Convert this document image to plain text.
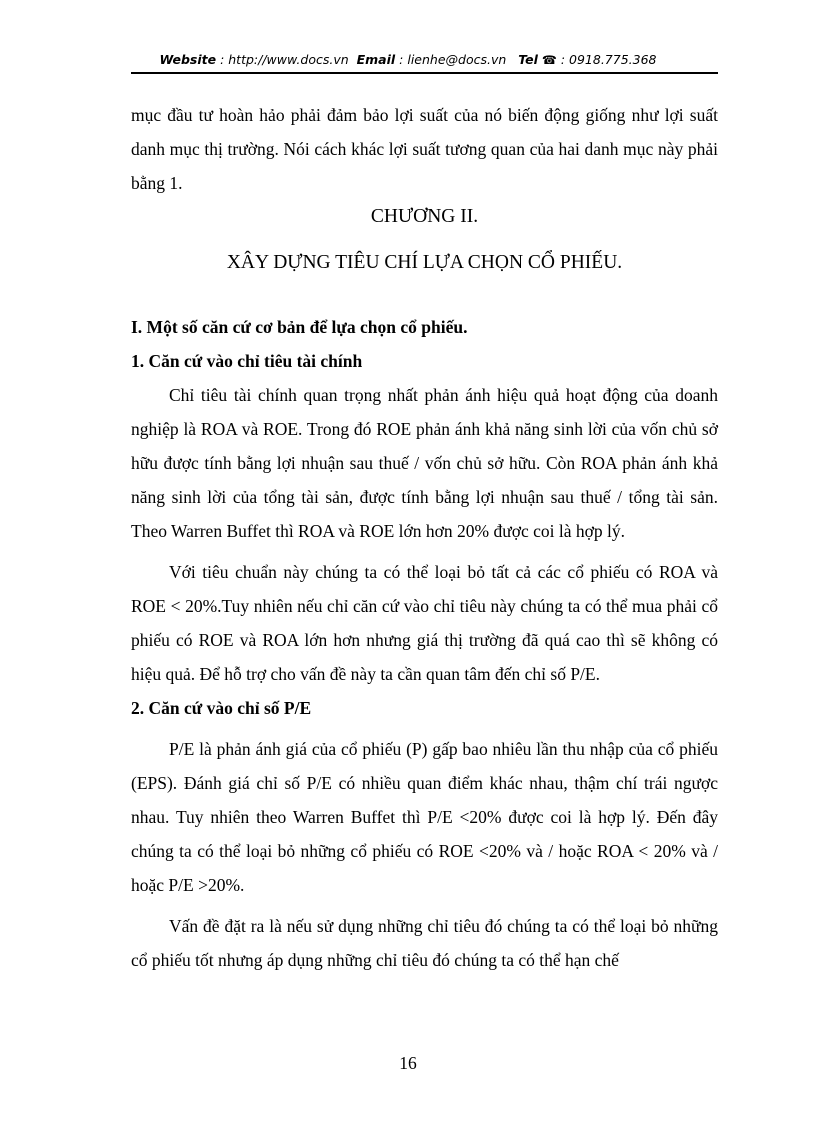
Website : http://www.docs.vn Email : lienhe@docs.vn Tel ☎ : 0918.775.368

mục đầu tư hoàn hảo phải đảm bảo lợi suất của nó biến động giống như lợi suất danh mục thị trường. Nói cách khác lợi suất tương quan của hai danh mục này phải bằng 1.

CHƯƠNG II.

XÂY DỰNG TIÊU CHÍ LỰA CHỌN CỔ PHIẾU.

I. Một số căn cứ cơ bản để lựa chọn cổ phiếu.

1. Căn cứ vào chỉ tiêu tài chính

Chỉ tiêu tài chính quan trọng nhất phản ánh hiệu quả hoạt động của doanh nghiệp là ROA và ROE. Trong đó ROE phản ánh khả năng sinh lời của vốn chủ sở hữu được tính bằng lợi nhuận sau thuế / vốn chủ sở hữu. Còn ROA phản ánh khả năng sinh lời của tổng tài sản, được tính bằng lợi nhuận sau thuế / tổng tài sản. Theo Warren Buffet thì ROA và ROE lớn hơn 20% được coi là hợp lý.

Với tiêu chuẩn này chúng ta có thể loại bỏ tất cả các cổ phiếu có ROA và ROE < 20%.Tuy nhiên nếu chỉ căn cứ vào chỉ tiêu này chúng ta có thể mua phải cổ phiếu có ROE và ROA lớn hơn nhưng giá thị trường đã quá cao thì sẽ không có hiệu quả. Để hỗ trợ cho vấn đề này ta cần quan tâm đến chỉ số P/E.

2. Căn cứ vào chỉ số P/E

P/E là phản ánh giá của cổ phiếu (P) gấp bao nhiêu lần thu nhập của cổ phiếu (EPS). Đánh giá chỉ số P/E có nhiều quan điểm khác nhau, thậm chí trái ngược nhau. Tuy nhiên theo Warren Buffet thì P/E <20% được coi là hợp lý. Đến đây chúng ta có thể loại bỏ những cổ phiếu có ROE <20% và / hoặc ROA < 20% và / hoặc P/E >20%.

Vấn đề đặt ra là nếu sử dụng những chỉ tiêu đó chúng ta có thể loại bỏ những cổ phiếu tốt nhưng áp dụng những chỉ tiêu đó chúng ta có thể hạn chế

16
